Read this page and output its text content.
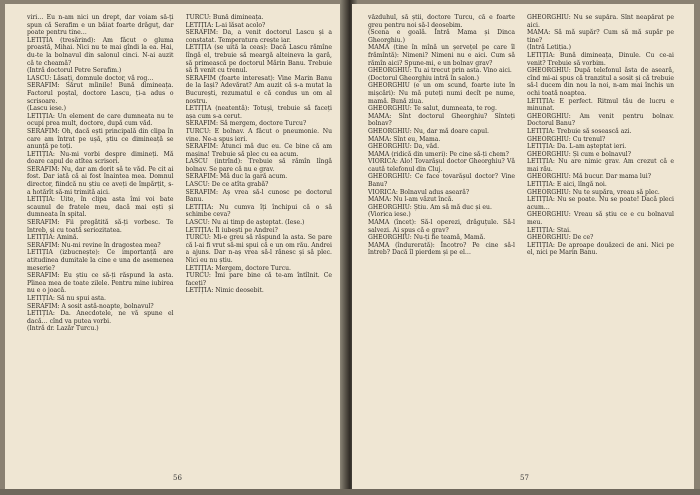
viri… Eu n-am nici un drept, dar voiam să-ți spun că Serafim e un băiat foarte drăguț, dar poate pentru tine…

LETIȚIA (tresărind): Am făcut o gluma proastă, Mihai. Nici nu te mai gîndi la ea. Hai, du-te la bolnavul din salonul cinci. N-ai auzit că te cheamă?

(Intră doctorul Petre Serafim.)

LASCU: Lăsați, domnule doctor, vă rog…

SERAFIM: Sărut mîinile! Bună dimineața. Factorul poștal, doctore Lascu, ți-a adus o scrisoare.

(Lascu iese.)

LETIȚIA: Un element de care dumneata nu te ocupi prea mult, doctore, după cum văd.

SERAFIM: Oh, dacă ești principală din clipa în care am întrat pe ușă, știu ce dimineață se anunță pe toți.

LETIȚIA: Nu-mi vorbi despre dimineți. Mă doare capul de atîtea scrisori.

SERAFIM: Nu, dar am dorit să te văd. Pe cit ai fost. Dar iată că ai fost înaintea mea. Domnul director, fiindcă nu știu ce aveți de împărțit, s-a hotărît să-mi trimită aici.

LETIȚIA: Uite, în clipa asta îmi voi bate scaunul de fratele meu, dacă mai ești și dumneata în spital.

SERAFIM: Fii pregătită să-ți vorbesc. Te întreb, și cu toată seriozitatea.

LETIȚIA: Amină.

SERAFIM: Nu-mi revine în dragostea mea?

LETIȚIA (izbucnește): Ce importanță are atitudinea dumitale la cine e una de asemenea meserie?

SERAFIM: Eu știu ce să-ți răspund la asta. Pîinea mea de toate zilele. Pentru mine iubirea nu e o joacă.

LETIȚIA: Să nu spui asta.

SERAFIM: A sosit astă-noapte, bolnavul?

LETIȚIA: Da. Anecdotele, ne vă spune el dacă… cînd va putea vorbi.

(Intră dr. Lazăr Turcu.)

TURCU: Bună dimineața.

LETIȚIA: L-ai lăsat acolo?

SERAFIM: Da, a venit doctorul Lascu și a constatat. Temperatura crește iar.

LETIȚIA (se uită la ceas): Dacă Lascu rămîne lîngă el, trebuie să meargă alteineva la gară, să primească pe doctorul Mărin Banu. Trebuie să fi venit cu trenul.

SERAFIM (foarte interesat): Vine Marin Banu de la Iași? Adevărat? Am auzit că s-a mutat la București, rezumatul e că condus un om al nostru.

LETIȚIA (neatentă): Totuși, trebuie să faceți așa cum s-a cerut.

SERAFIM: Să mergem, doctore Turcu?

TURCU: E bolnav. A făcut o pneumonie. Nu vine. Ne-a spus ieri.

SERAFIM: Atunci mă duc eu. Ce bine că am mașina! Trebuie să plec cu ea acum.

LASCU (intrînd): Trebuie să rămîn lîngă bolnav. Se pare că nu e grav.

SERAFIM: Mă duc la gară acum.

LASCU: De ce atîta grabă?

SERAFIM: Aș vrea să-l cunosc pe doctorul Banu.

LETIȚIA: Nu cumva îți închipui că o să schimbe ceva?

LASCU: Nu ai timp de așteptat. (Iese.)

LETIȚIA: Îl iubești pe Andrei?

TURCU: Mi-e greu să răspund la asta. Se pare că l-ai fi vrut să-mi spui că e un om rău. Andrei a ajuns. Dar n-aș vrea să-l rănesc și să plec. Nici eu nu știu.

LETIȚIA: Mergem, doctore Turcu.

TURCU: Îmi pare bine că te-am întîlnit. Ce faceți?

LETIȚIA: Nimic deosebit.

56

văzduhul, să știi, doctore Turcu, că e foarte greu pentru noi să-l deosebim.

(Scena e goală. Întră Mama și Dinca Gheorghiu.)

MAMA (tine în mînă un șervețel pe care îl frămîntă): Nimeni? Nimeni nu e aici. Cum să rămîn aici? Spune-mi, e un bolnav grav?

GHEORGHIU: Tu ai trecut prin asta. Vino aici.

(Doctorul Gheorghiu intră în salon.)

GHEORGHIU (e un om scund, foarte iute în mișcări): Nu mă puteți numi decît pe nume, mamă. Bună ziua.

GHEORGHIU: Te salut, dumneata, te rog.

MAMA: Sînt doctorul Gheorghiu? Sînteți bolnav?

GHEORGHIU: Nu, dar mă doare capul.

MAMA: Sînt eu, Mama.

GHEORGHIU: Da, văd.

MAMA (ridică din umeri): Pe cine să-ți chem?

VIORICA: Alo! Tovarășul doctor Gheorghiu? Vă caută telefonul din Cluj.

GHEORGHIU: Ce face tovarășul doctor? Vine Banu?

VIORICA: Bolnavul adus aseară?

MAMA: Nu l-am văzut încă.

GHEORGHIU: Știu. Am să mă duc și eu.

(Viorica iese.)

MAMA (încet): Să-l operezi, drăguțule. Să-l salvezi. Ai spus că e grav?

GHEORGHIU: Nu-ți fie teamă, Mamă.

MAMA (îndurerată): Încotro? Pe cine să-l întreb? Dacă îl pierdem și pe el…

GHEORGHIU: Nu se supăra. Sînt neapărat pe aici.

MAMA: Să mă supăr? Cum să mă supăr pe tine?

(Intră Letiția.)

LETIȚIA: Bună dimineața, Dinule. Cu ce-ai venit? Trebuie să vorbim.

GHEORGHIU: După telefonul ăsta de aseară, cînd mi-ai spus că tranzitul a sosit și că trebuie să-l ducem din nou la noi, n-am mai închis un ochi toată noaptea.

LETIȚIA: E perfect. Ritmul tău de lucru e minunat.

GHEORGHIU: Am venit pentru bolnav. Doctorul Banu?

LETIȚIA: Trebuie să sosească azi.

GHEORGHIU: Cu trenul?

LETIȚIA: Da. L-am așteptat ieri.

GHEORGHIU: Și cum e bolnavul?

LETIȚIA: Nu are nimic grav. Am crezut că e mai rău.

GHEORGHIU: Mă bucur. Dar mama lui?

LETIȚIA: E aici, lîngă noi.

GHEORGHIU: Nu te supăra, vreau să plec.

LETIȚIA: Nu se poate. Nu se poate! Dacă pleci acum…

GHEORGHIU: Vreau să știu ce e cu bolnavul meu.

LETIȚIA: Stai.

GHEORGHIU: De ce?

LETIȚIA: De aproape douăzeci de ani. Nici pe el, nici pe Marin Banu.

57
